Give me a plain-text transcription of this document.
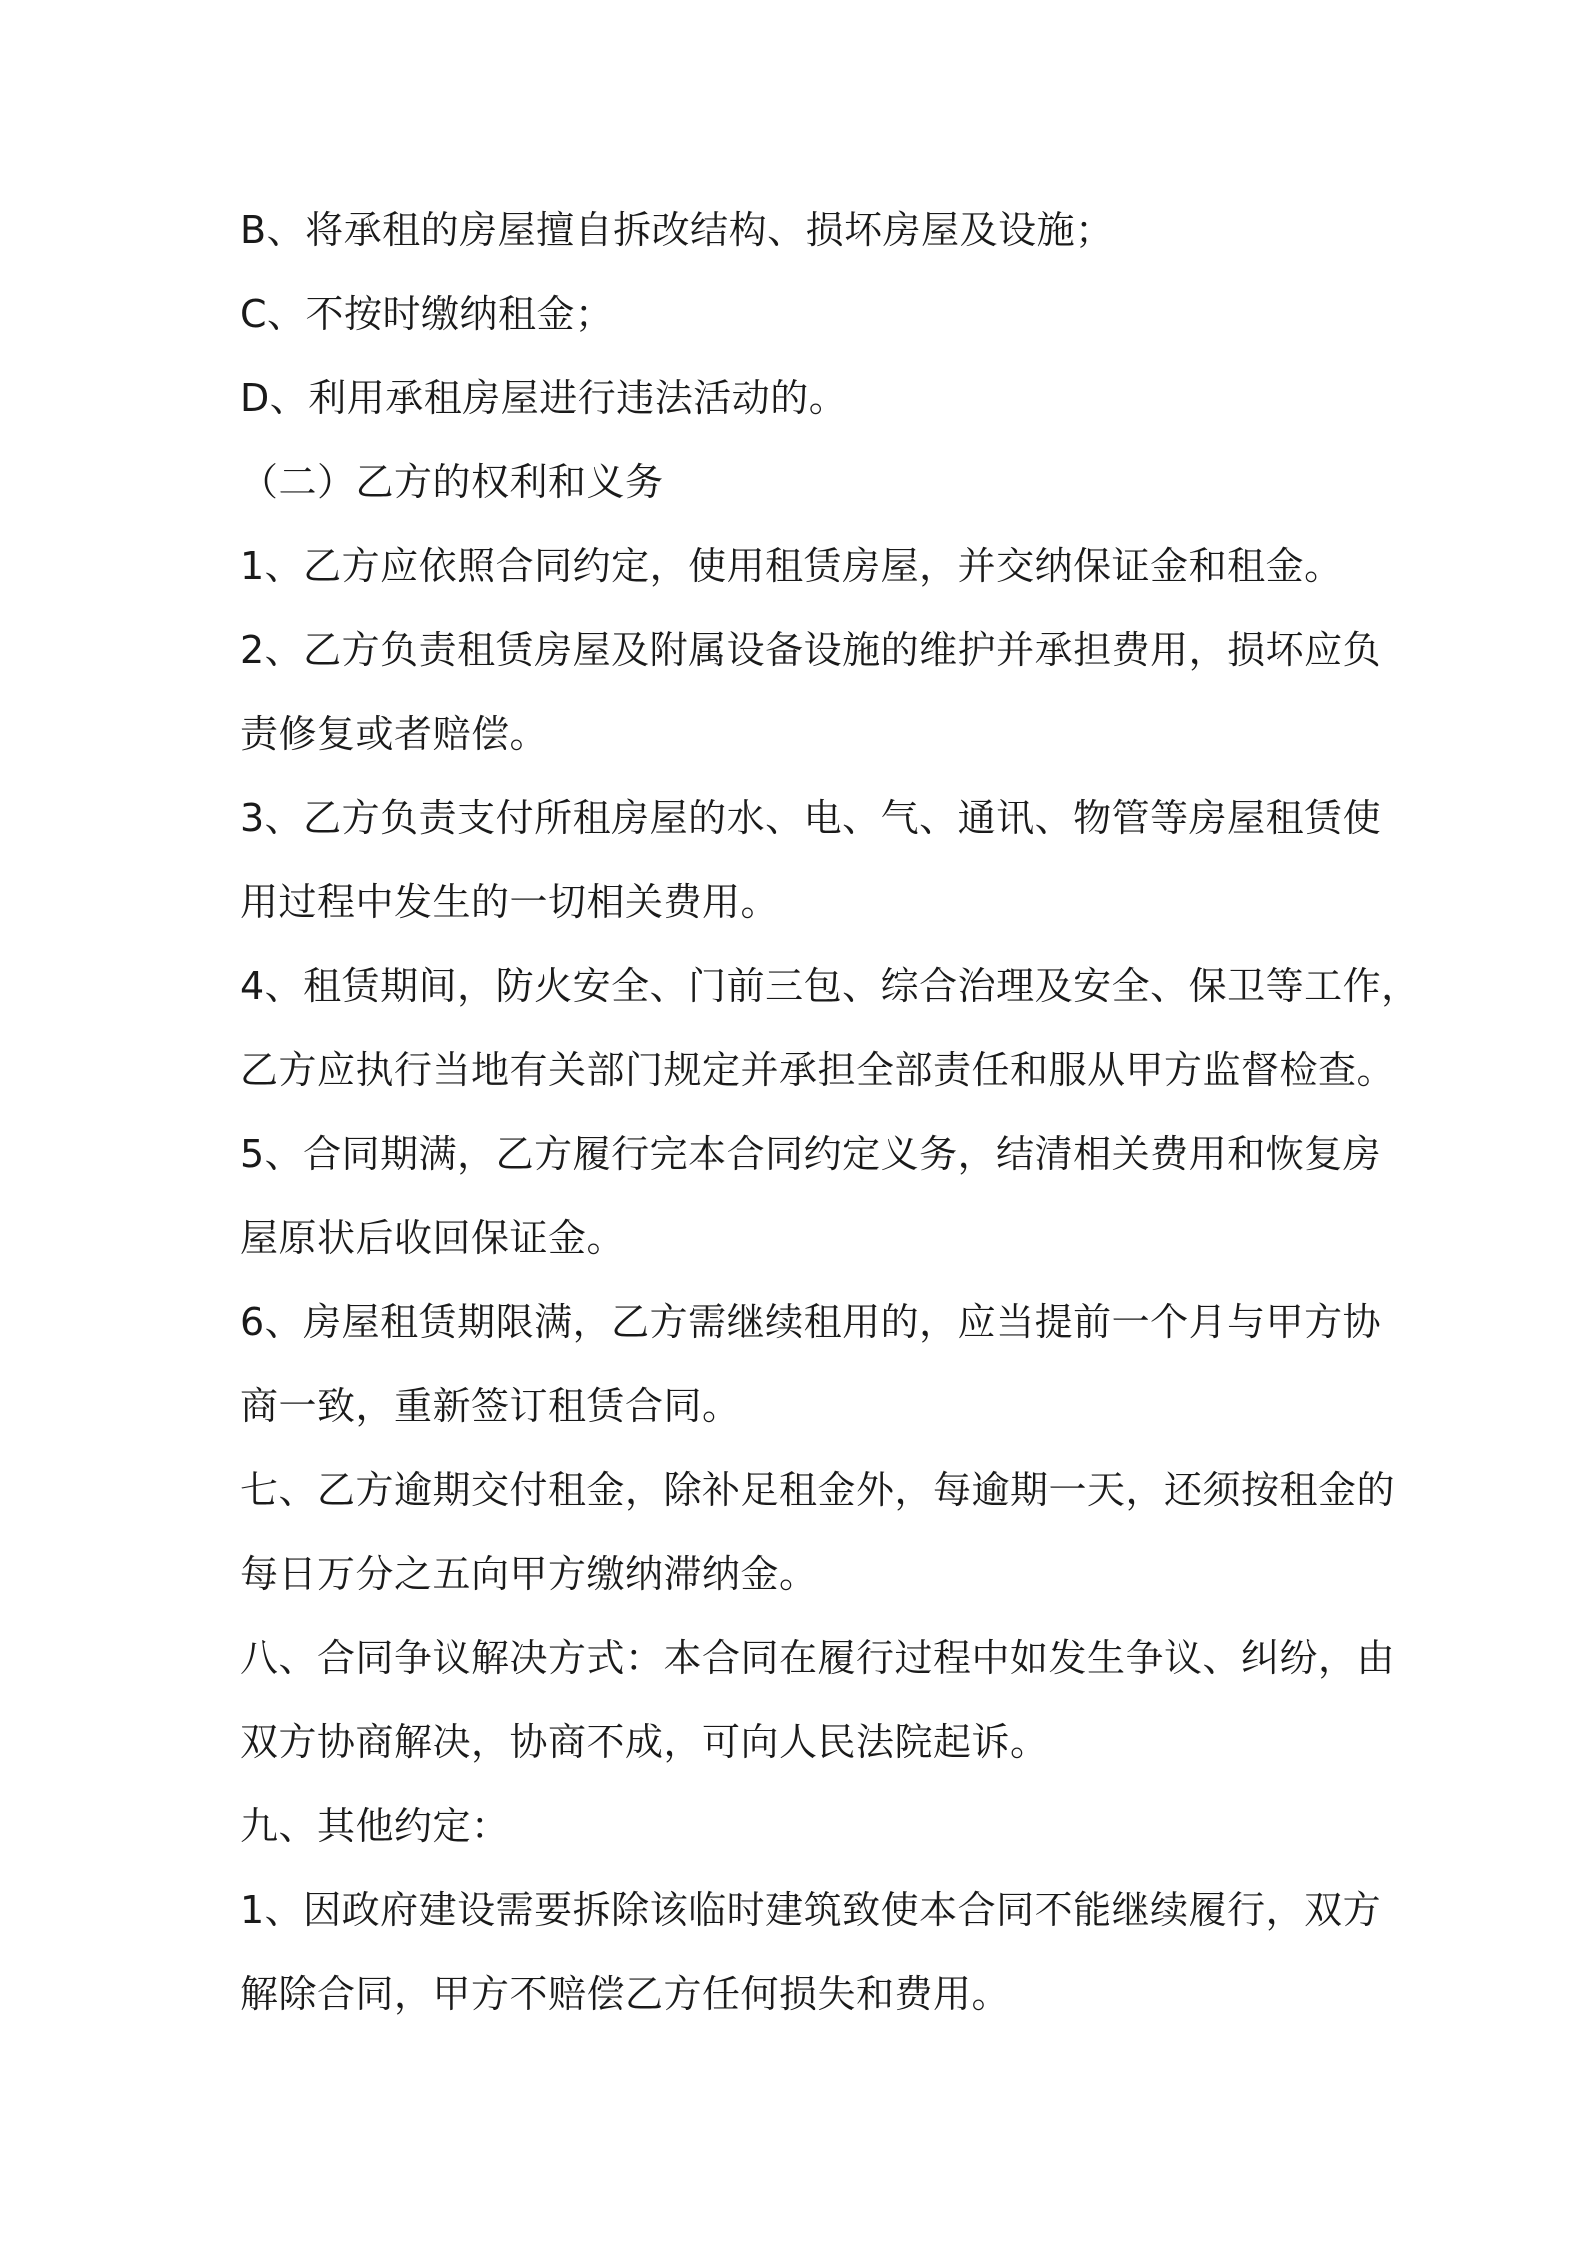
B、将承租的房屋擅自拆改结构、损坏房屋及设施；
C、不按时缴纳租金；
D、利用承租房屋进行违法活动的。
（二）乙方的权利和义务
1、乙方应依照合同约定，使用租赁房屋，并交纳保证金和租金。
2、乙方负责租赁房屋及附属设备设施的维护并承担费用，损坏应负
责修复或者赔偿。
3、乙方负责支付所租房屋的水、电、气、通讯、物管等房屋租赁使
用过程中发生的一切相关费用。
4、租赁期间，防火安全、门前三包、综合治理及安全、保卫等工作，
乙方应执行当地有关部门规定并承担全部责任和服从甲方监督检查。
5、合同期满，乙方履行完本合同约定义务，结清相关费用和恢复房
屋原状后收回保证金。
6、房屋租赁期限满，乙方需继续租用的，应当提前一个月与甲方协
商一致，重新签订租赁合同。
七、乙方逾期交付租金，除补足租金外，每逾期一天，还须按租金的
每日万分之五向甲方缴纳滞纳金。
八、合同争议解决方式：本合同在履行过程中如发生争议、纠纷，由
双方协商解决，协商不成，可向人民法院起诉。
九、其他约定：
1、因政府建设需要拆除该临时建筑致使本合同不能继续履行，双方
解除合同，甲方不赔偿乙方任何损失和费用。
